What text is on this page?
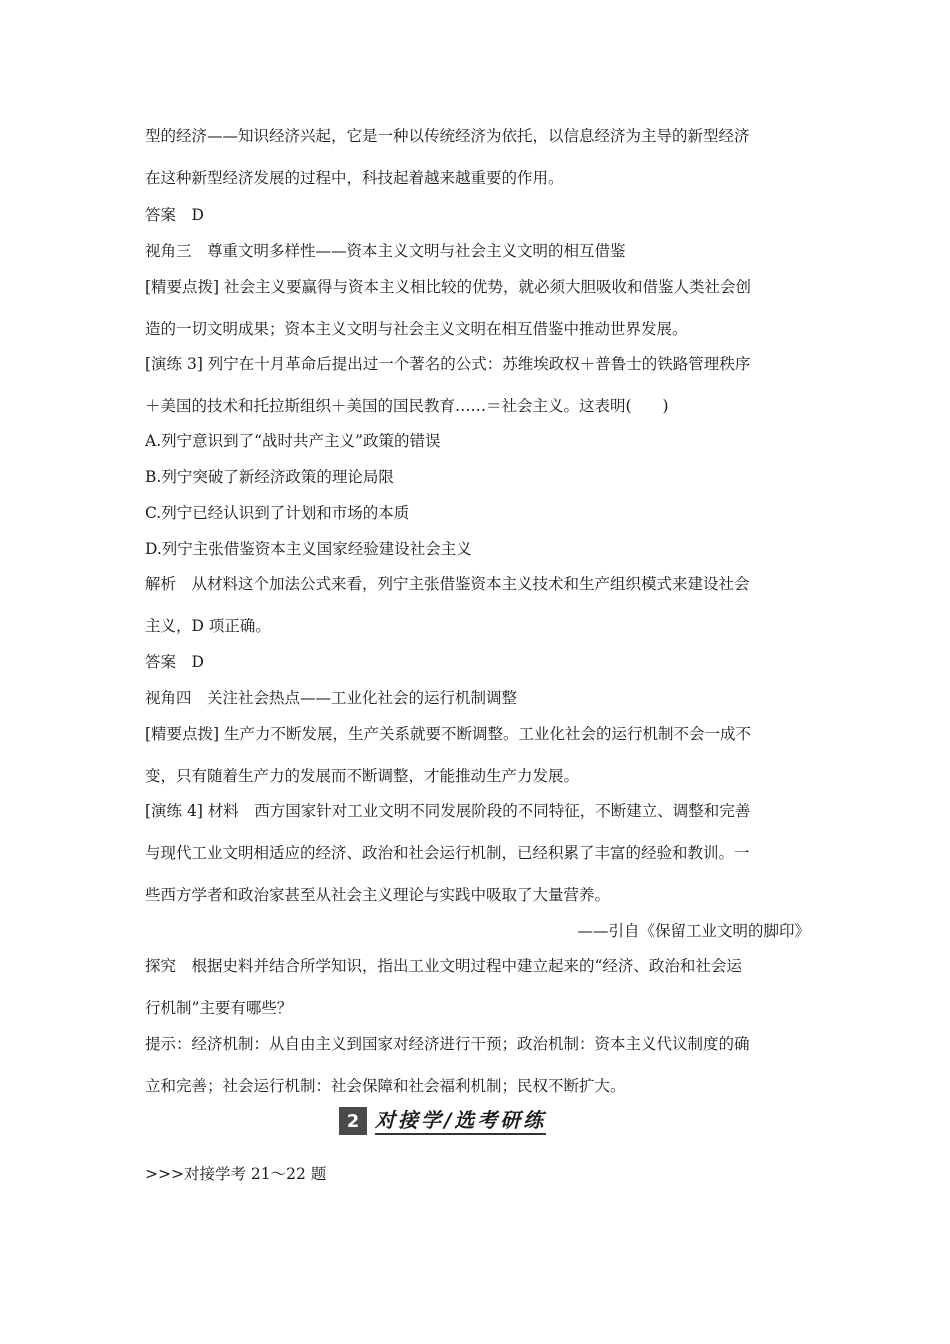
型的经济——知识经济兴起，它是一种以传统经济为依托，以信息经济为主导的新型经济
在这种新型经济发展的过程中，科技起着越来越重要的作用。
答案　D
视角三　尊重文明多样性——资本主义文明与社会主义文明的相互借鉴
[精要点拨] 社会主义要赢得与资本主义相比较的优势，就必须大胆吸收和借鉴人类社会创
造的一切文明成果；资本主义文明与社会主义文明在相互借鉴中推动世界发展。
[演练 3] 列宁在十月革命后提出过一个著名的公式：苏维埃政权＋普鲁士的铁路管理秩序
＋美国的技术和托拉斯组织＋美国的国民教育……＝社会主义。这表明(　　)
A.列宁意识到了“战时共产主义”政策的错误
B.列宁突破了新经济政策的理论局限
C.列宁已经认识到了计划和市场的本质
D.列宁主张借鉴资本主义国家经验建设社会主义
解析　从材料这个加法公式来看，列宁主张借鉴资本主义技术和生产组织模式来建设社会
主义，D 项正确。
答案　D
视角四　关注社会热点——工业化社会的运行机制调整
[精要点拨] 生产力不断发展，生产关系就要不断调整。工业化社会的运行机制不会一成不
变，只有随着生产力的发展而不断调整，才能推动生产力发展。
[演练 4] 材料　西方国家针对工业文明不同发展阶段的不同特征，不断建立、调整和完善
与现代工业文明相适应的经济、政治和社会运行机制，已经积累了丰富的经验和教训。一
些西方学者和政治家甚至从社会主义理论与实践中吸取了大量营养。
——引自《保留工业文明的脚印》
探究　根据史料并结合所学知识，指出工业文明过程中建立起来的“经济、政治和社会运
行机制”主要有哪些？
提示：经济机制：从自由主义到国家对经济进行干预；政治机制：资本主义代议制度的确
立和完善；社会运行机制：社会保障和社会福利机制；民权不断扩大。
2 对接学/选考研练
>>>对接学考 21～22 题
